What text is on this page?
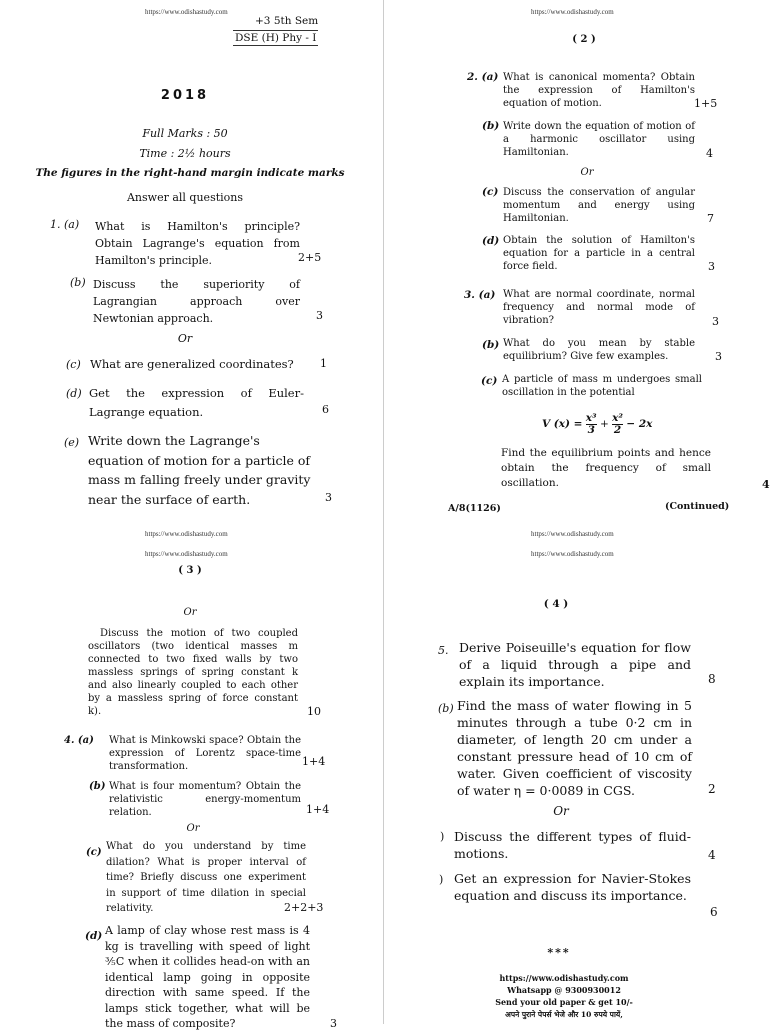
https://www.odishastudy.com
+3 5th Sem
DSE (H) Phy - I
2018
Full Marks : 50
Time : 2½ hours
The figures in the right-hand margin indicate marks
Answer all questions
1. (a) What is Hamilton's principle? Obtain Lagrange's equation from Hamilton's principle.	2+5
(b) Discuss the superiority of Lagrangian approach over Newtonian approach.	3
Or
(c) What are generalized coordinates?	1
(d) Get the expression of Euler-Lagrange equation.	6
(e) Write down the Lagrange's equation of motion for a particle of mass m falling freely under gravity near the surface of earth.	3
https://www.odishastudy.com
( 2 )
2. (a) What is canonical momenta? Obtain the expression of Hamilton's equation of motion.	1+5
(b) Write down the equation of motion of a harmonic oscillator using Hamiltonian.	4
Or
(c) Discuss the conservation of angular momentum and energy using Hamiltonian.	7
(d) Obtain the solution of Hamilton's equation for a particle in a central force field.	3
3. (a) What are normal coordinate, normal frequency and normal mode of vibration?	3
(b) What do you mean by stable equilibrium? Give few examples.	3
(c) A particle of mass m undergoes small oscillation in the potential
V $(x) = \frac{\text{x³}}{3} + \frac{\text{x²}}{2} - 2x$
Find the equilibrium points and hence obtain the frequency of small oscillation.	4
A/8(1126)	(Continued)
https://www.odishastudy.com
https://www.odishastudy.com
( 3 )
Or
Discuss the motion of two coupled oscillators (two identical masses m connected to two fixed walls by two massless springs of spring constant k and also linearly coupled to each other by a massless spring of force constant k).	10
4. (a) What is Minkowski space? Obtain the expression of Lorentz space-time transformation.	1+4
(b) What is four momentum? Obtain the relativistic energy-momentum relation.	1+4
Or
(c)
What do you understand by time dilation? What is proper interval of time? Briefly discuss one experiment in support of time dilation in special relativity.	2+2+3
(d) A lamp of clay whose rest mass is 4 kg is travelling with speed of light ⅗C when it collides head-on with an identical lamp going in opposite direction with same speed. If the lamps stick together, what will be the mass of composite?	3
https://www.odishastudy.com
https://www.odishastudy.com
( 4 )
5. Derive Poiseuille's equation for flow of a liquid through a pipe and explain its importance.	8
(b) Find the mass of water flowing in 5 minutes through a tube 0·2 cm in diameter, of length 20 cm under a constant pressure head of 10 cm of water. Given coefficient of viscosity of water η = 0·0089 in CGS.	2
Or
) Discuss the different types of fluid-motions.	4
) Get an expression for Navier-Stokes equation and discuss its importance.
6
***
https://www.odishastudy.com
Whatsapp @ 9300930012
Send your old paper & get 10/-
अपने पुराने पेपर्स भेजे और 10 रुपये पायें,
